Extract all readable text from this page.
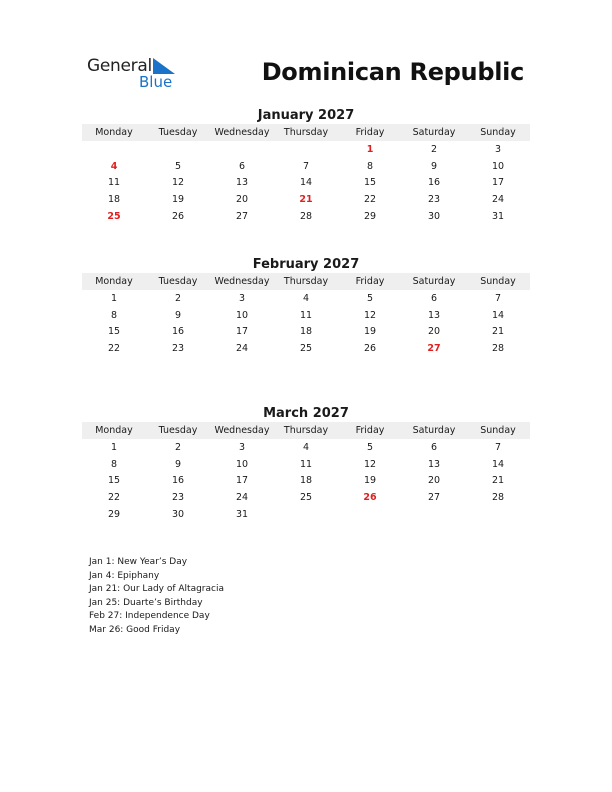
General
Blue	Dominican Republic
January 2027
Monday	Tuesday	Wednesday	Thursday	Friday	Saturday	Sunday
				1	2	3
4	5	6	7	8	9	10
11	12	13	14	15	16	17
18	19	20	21	22	23	24
25	26	27	28	29	30	31
February 2027
Monday	Tuesday	Wednesday	Thursday	Friday	Saturday	Sunday
1	2	3	4	5	6	7
8	9	10	11	12	13	14
15	16	17	18	19	20	21
22	23	24	25	26	27	28
March 2027
Monday	Tuesday	Wednesday	Thursday	Friday	Saturday	Sunday
1	2	3	4	5	6	7
8	9	10	11	12	13	14
15	16	17	18	19	20	21
22	23	24	25	26	27	28
29	30	31				
Jan 1: New Year’s Day
Jan 4: Epiphany
Jan 21: Our Lady of Altagracia
Jan 25: Duarte’s Birthday
Feb 27: Independence Day
Mar 26: Good Friday
